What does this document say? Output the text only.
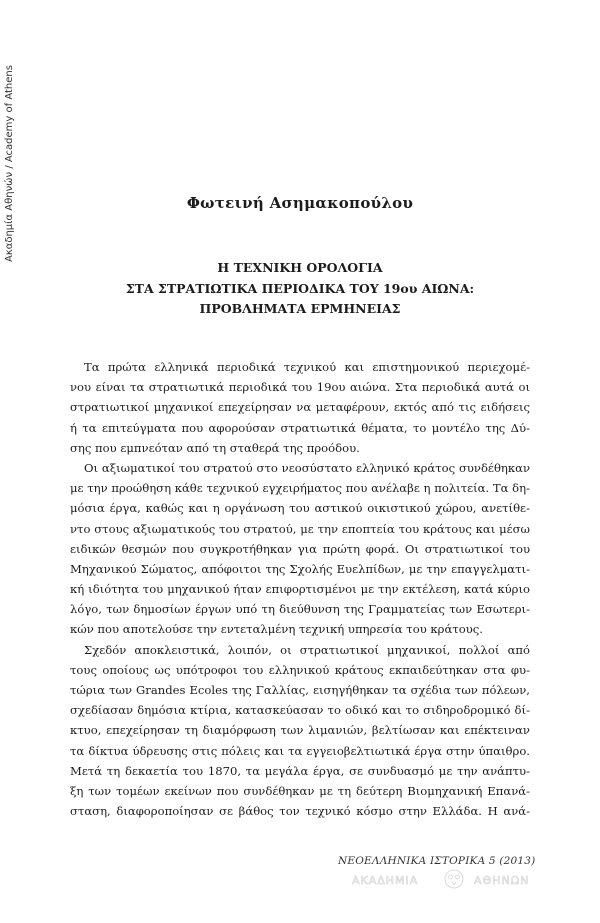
Ακαδημία Αθηνών / Academy of Athens	Φωτεινή Ασημακοπούλου
Η ΤΕΧΝΙΚΗ ΟΡΟΛΟΓΙΑ
ΣΤΑ ΣΤΡΑΤΙΩΤΙΚΑ ΠΕΡΙΟΔΙΚΑ ΤΟΥ 19ου ΑΙΩΝΑ:
ΠΡΟΒΛΗΜΑΤΑ ΕΡΜΗΝΕΙΑΣ
Τα πρώτα ελληνικά περιοδικά τεχνικού και επιστημονικού περιεχομέ-
νου είναι τα στρατιωτικά περιοδικά του 19ου αιώνα. Στα περιοδικά αυτά οι
στρατιωτικοί μηχανικοί επεχείρησαν να μεταφέρουν, εκτός από τις ειδήσεις
ή τα επιτεύγματα που αφορούσαν στρατιωτικά θέματα, το μοντέλο της Δύ-
σης που εμπνεόταν από τη σταθερά της προόδου.
Οι αξιωματικοί του στρατού στο νεοσύστατο ελληνικό κράτος συνδέθηκαν
με την προώθηση κάθε τεχνικού εγχειρήματος που ανέλαβε η πολιτεία. Τα δη-
μόσια έργα, καθώς και η οργάνωση του αστικού οικιστικού χώρου, ανετίθε-
ντο στους αξιωματικούς του στρατού, με την εποπτεία του κράτους και μέσω
ειδικών θεσμών που συγκροτήθηκαν για πρώτη φορά. Οι στρατιωτικοί του
Μηχανικού Σώματος, απόφοιτοι της Σχολής Ευελπίδων, με την επαγγελματι-
κή ιδιότητα του μηχανικού ήταν επιφορτισμένοι με την εκτέλεση, κατά κύριο
λόγο, των δημοσίων έργων υπό τη διεύθυνση της Γραμματείας των Εσωτερι-
κών που αποτελούσε την εντεταλμένη τεχνική υπηρεσία του κράτους.
Σχεδόν αποκλειστικά, λοιπόν, οι στρατιωτικοί μηχανικοί, πολλοί από
τους οποίους ως υπότροφοι του ελληνικού κράτους εκπαιδεύτηκαν στα φυ-
τώρια των Grandes Ecoles της Γαλλίας, εισηγήθηκαν τα σχέδια των πόλεων,
σχεδίασαν δημόσια κτίρια, κατασκεύασαν το οδικό και το σιδηροδρομικό δί-
κτυο, επεχείρησαν τη διαμόρφωση των λιμανιών, βελτίωσαν και επέκτειναν
τα δίκτυα ύδρευσης στις πόλεις και τα εγγειοβελτιωτικά έργα στην ύπαιθρο.
Μετά τη δεκαετία του 1870, τα μεγάλα έργα, σε συνδυασμό με την ανάπτυ-
ξη των τομέων εκείνων που συνδέθηκαν με τη δεύτερη Βιομηχανική Επανά-
σταση, διαφοροποίησαν σε βάθος τον τεχνικό κόσμο στην Ελλάδα. Η ανά-
ΝΕΟΕΛΛΗΝΙΚΑ ΙΣΤΟΡΙΚΑ 5 (2013)
ΑΚΑΔΗΜΙΑ	ΑΘΗΝΩΝ
